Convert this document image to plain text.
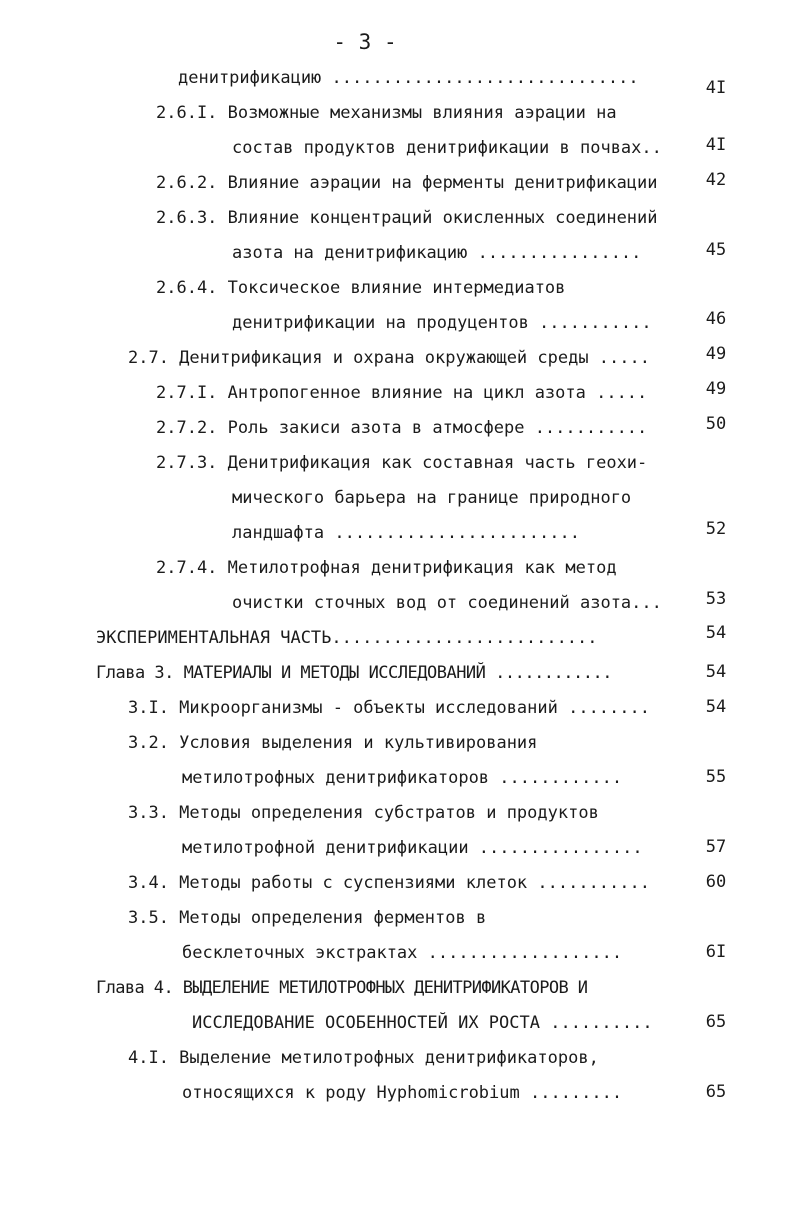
- 3 -
денитрификацию ..............................	4I
2.6.I. Возможные механизмы влияния аэрации на
состав продуктов денитрификации в почвах..	4I
2.6.2. Влияние аэрации на ферменты денитрификации	42
2.6.3. Влияние концентраций окисленных соединений
азота на денитрификацию ................	45
2.6.4. Токсическое влияние интермедиатов
денитрификации на продуцентов ...........	46
2.7. Денитрификация и охрана окружающей среды .....	49
2.7.I. Антропогенное влияние на цикл азота .....	49
2.7.2. Роль закиси азота в атмосфере ...........	50
2.7.3. Денитрификация как составная часть геохи-
мического барьера на границе природного
ландшафта ........................	52
2.7.4. Метилотрофная денитрификация как метод
очистки сточных вод от соединений азота...	53
ЭКСПЕРИМЕНТАЛЬНАЯ ЧАСТЬ..........................	54
Глава 3. МАТЕРИАЛЫ И МЕТОДЫ ИССЛЕДОВАНИЙ ............	54
3.I. Микроорганизмы - объекты исследований ........	54
3.2. Условия выделения и культивирования
метилотрофных денитрификаторов ............	55
3.3. Методы определения субстратов и продуктов
метилотрофной денитрификации ................	57
3.4. Методы работы с суспензиями клеток ...........	60
3.5. Методы определения ферментов в
бесклеточных экстрактах ...................	6I
Глава 4. ВЫДЕЛЕНИЕ МЕТИЛОТРОФНЫХ ДЕНИТРИФИКАТОРОВ И
ИССЛЕДОВАНИЕ ОСОБЕННОСТЕЙ ИХ РОСТА ..........	65
4.I. Выделение метилотрофных денитрификаторов,
относящихся к роду Hyphomicrobium .........	65
